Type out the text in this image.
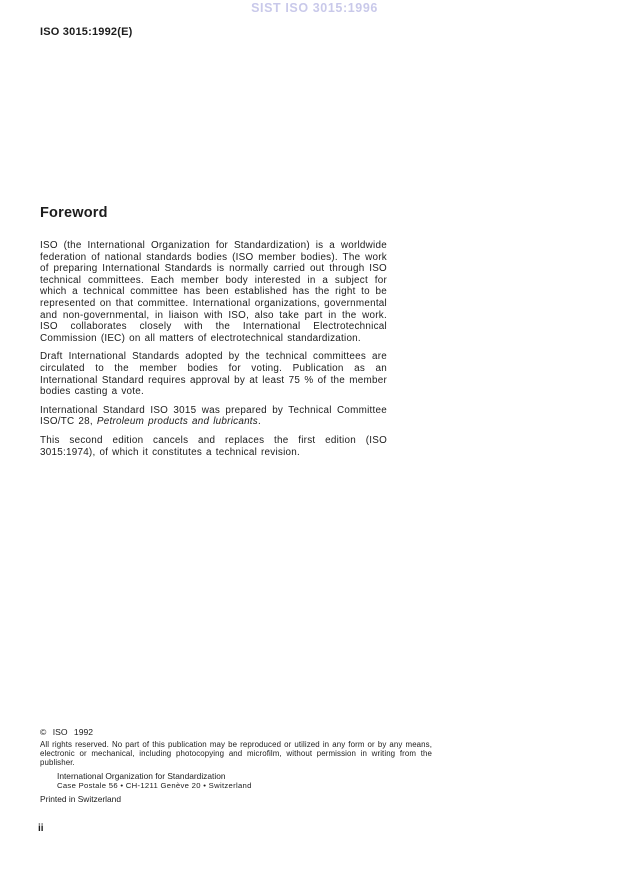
SIST ISO 3015:1996
ISO 3015:1992(E)
Foreword

ISO (the International Organization for Standardization) is a worldwide federation of national standards bodies (ISO member bodies). The work of preparing International Standards is normally carried out through ISO technical committees. Each member body interested in a subject for which a technical committee has been established has the right to be represented on that committee. International organizations, governmental and non-governmental, in liaison with ISO, also take part in the work. ISO collaborates closely with the International Electrotechnical Commission (IEC) on all matters of electrotechnical standardization.

Draft International Standards adopted by the technical committees are circulated to the member bodies for voting. Publication as an International Standard requires approval by at least 75 % of the member bodies casting a vote.

International Standard ISO 3015 was prepared by Technical Committee ISO/TC 28, Petroleum products and lubricants.

This second edition cancels and replaces the first edition (ISO 3015:1974), of which it constitutes a technical revision.

© ISO 1992
All rights reserved. No part of this publication may be reproduced or utilized in any form or by any means, electronic or mechanical, including photocopying and microfilm, without permission in writing from the publisher.
International Organization for Standardization
Case Postale 56 • CH-1211 Genève 20 • Switzerland
Printed in Switzerland
ii
